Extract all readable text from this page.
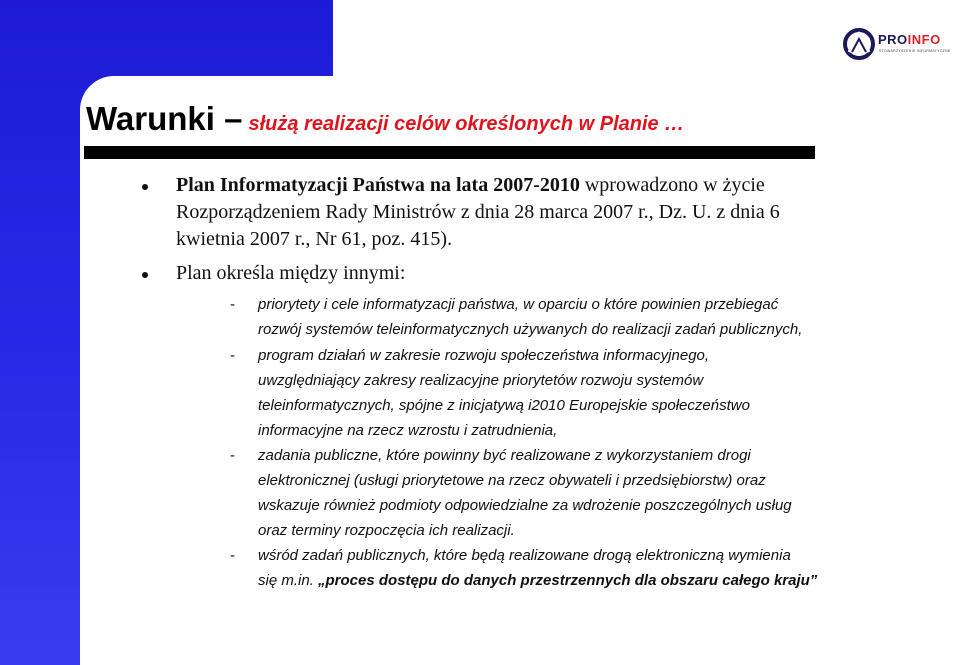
PROINFO
STOWARZYSZENIE INFORMATYCZNE
Warunki – służą realizacji celów określonych w Planie …
Plan Informatyzacji Państwa na lata 2007-2010 wprowadzono w życie
Rozporządzeniem Rady Ministrów z dnia 28 marca 2007 r., Dz. U. z dnia 6
kwietnia 2007 r., Nr 61, poz. 415).
Plan określa między innymi:
- priorytety i cele informatyzacji państwa, w oparciu o które powinien przebiegać
rozwój systemów teleinformatycznych używanych do realizacji zadań publicznych,
- program działań w zakresie rozwoju społeczeństwa informacyjnego,
uwzględniający zakresy realizacyjne priorytetów rozwoju systemów
teleinformatycznych, spójne z inicjatywą i2010 Europejskie społeczeństwo
informacyjne na rzecz wzrostu i zatrudnienia,
- zadania publiczne, które powinny być realizowane z wykorzystaniem drogi
elektronicznej (usługi priorytetowe na rzecz obywateli i przedsiębiorstw) oraz
wskazuje również podmioty odpowiedzialne za wdrożenie poszczególnych usług
oraz terminy rozpoczęcia ich realizacji.
- wśród zadań publicznych, które będą realizowane drogą elektroniczną wymienia
się m.in. „proces dostępu do danych przestrzennych dla obszaru całego kraju”
